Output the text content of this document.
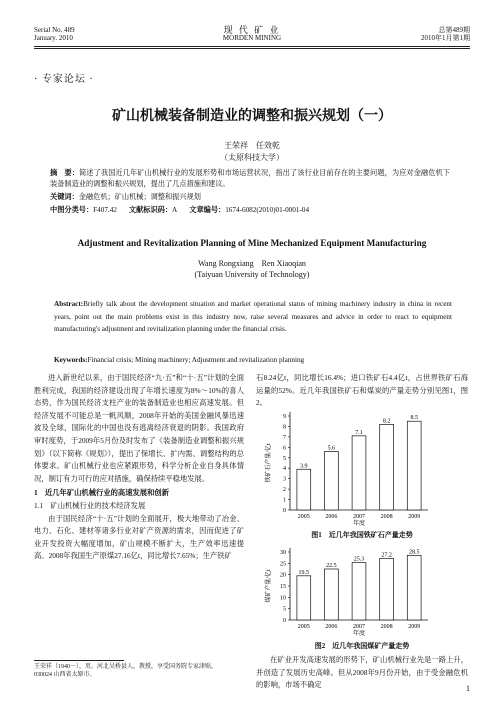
Serial No. 489
January. 2010
现 代 矿 业
MORDEN MINING
总第489期
2010年1月第1期
· 专家论坛 ·
矿山机械装备制造业的调整和振兴规划（一）
王荣祥　任效乾
（太原科技大学）
摘　要：简述了我国近几年矿山机械行业的发展形势和市场运营状况，指出了该行业目前存在的主要问题，为应对金融危机下装备制造业的调整和振兴规划，提出了几点措施和建议。
关键词：金融危机；矿山机械；调整和振兴规划
中图分类号：F407.42 文献标识码：A 文章编号：1674-6082(2010)01-0001-04
Adjustment and Revitalization Planning of Mine Mechanized Equipment Manufacturing
Wang Rongxiang　Ren Xiaoqian
(Taiyuan University of Technology)
Abstract:Briefly talk about the development situation and market operational status of mining machinery industry in china in recent years, point out the main problems exist in this industry now, raise several measures and advice in order to react to equipment manufacturing's adjustment and revitalization planning under the financial crisis.
Keywords:Financial crisis; Mining machinery; Adjustment and revitalization planning

进入新世纪以来，由于国民经济“九·五”和“十·五”计划的全面胜利完成，我国的经济建设出现了年增长速度为8%～10%的喜人态势，作为国民经济支柱产业的装备制造业也相应高速发展。但经济发展不可能总是一帆风顺，2008年开始的美国金融风暴迅速波及全球，国际化的中国也没有逃离经济衰退的阴影。我国政府审时度势，于2009年5月份及时发布了《装备制造业调整和振兴规划》（以下简称《规划》），提出了保增长、扩内需、调整结构的总体要求。矿山机械行业也应紧跟形势，科学分析企业自身具体情况，制订有力可行的应对措施，确保持续平稳地发展。

1　近几年矿山机械行业的高速发展和创新

1.1　矿山机械行业的技术经济发展

由于国民经济“十·五”计划的全面展开，极大地带动了冶金、电力、石化、建材等诸多行业对矿产资源的需求，因而促进了矿业开发投资大幅度增加，矿山规模不断扩大，生产效率迅速提高。2008年我国生产原煤27.16亿t，同比增长7.65%；生产铁矿

王荣祥（1940－），男，河北吴桥县人，教授，享受国务院专家津贴，030024 山西省太原市。

石8.24亿t，同比增长16.4%；进口铁矿石4.4亿t，占世界铁矿石海运量的52%。近几年我国铁矿石和煤炭的产量走势分别见图1，图2。

铁矿石产量/亿t
0
1
2
3
4
5
6
7
8
9
3.9
2005
5.6
2006
7.1
2007
8.2
2008
8.5
2009
年度
图1　近几年我国铁矿石产量走势
煤矿产量/亿t
0
5
10
15
20
25
30
19.5
2005
22.5
2006
25.3
2007
27.2
2008
28.5
2009
年度
图2　近几年我国煤矿产量走势

在矿业开发高速发展的形势下，矿山机械行业先是一路上升，并创造了发展历史高峰。但从2008年9月份开始，由于受金融危机的影响，市场不确定	1
